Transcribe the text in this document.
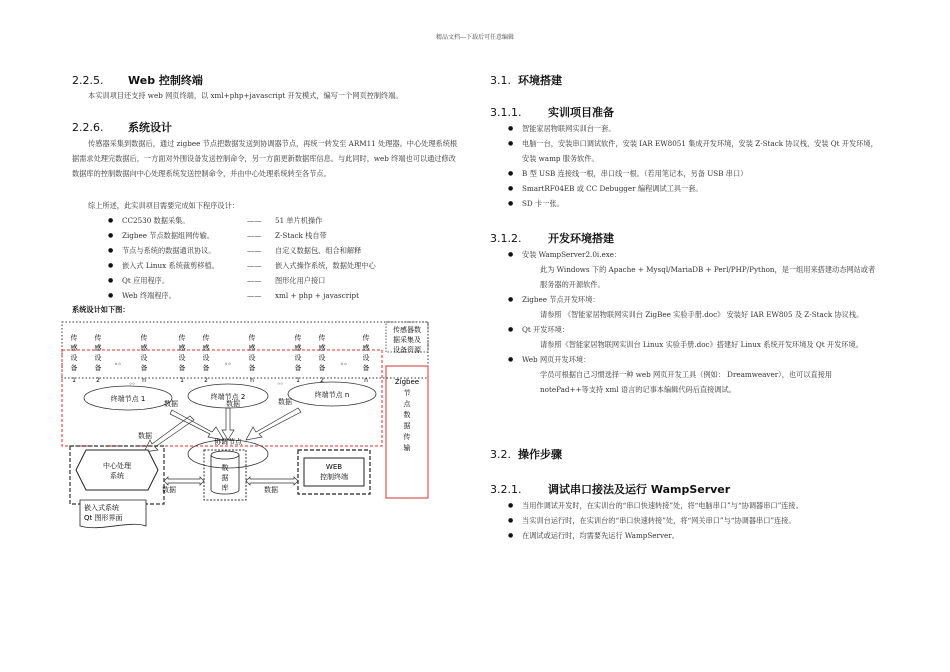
精品文档---下载后可任意编辑
2.2.5. Web 控制终端
本实训项目还支持 web 网页终端，以 xml+php+javascript 开发模式，编写一个网页控制终端。
2.2.6. 系统设计
传感器采集到数据后，通过 zigbee 节点把数据发送到协调器节点，再统一转发至 ARM11 处理器。中心处理系统根据需求处理完数据后，一方面对外围设备发送控制命令，另一方面更新数据库信息。与此同时，web 终端也可以通过修改数据库的控制数据向中心处理系统发送控制命令，并由中心处理系统转至各节点。
综上所述，此实训项目需要完成如下程序设计：
● CC2530 数据采集。	——	51 单片机操作
● Zigbee 节点数据组网传输。	——	Z-Stack 栈自带
● 节点与系统的数据通讯协议。	——	自定义数据包、组合和解释
● 嵌入式 Linux 系统裁剪移植。	——	嵌入式操作系统，数据处理中心
● Qt 应用程序。	——	图形化用户接口
● Web 终端程序。	——	xml + php + javascript
系统设计如下图：
传感器数
据采集及
设备资源
传
感
设
备
1
传
感
设
备
2
传
感
设
备
n
传
感
设
备
1
传
感
设
备
2
传
感
设
备
n
传
感
设
备
1
传
感
设
备
2
传
感
设
备
n
。。	。。	。。
。。	。。	Zigbee
节
点
数
据
传
输
终端节点 1	终端节点 2	终端节点 n
数据	数据	数据
数据
协调节点
中心处理
系统
数
据
库
WEB
控制终端
数据	数据
嵌入式系统
Qt 图形界面
3.1. 环境搭建
3.1.1. 实训项目准备
● 智能家居物联网实训台一套。
● 电脑一台，安装串口调试软件，安装 IAR EW8051 集成开发环境，安装 Z-Stack 协议栈，安装 Qt 开发环境，安装 wamp 服务软件。
● B 型 USB 连接线一根，串口线一根。（若用笔记本，另备 USB 串口）
● SmartRF04EB 或 CC Debugger 编程调试工具一套。
● SD 卡一张。
3.1.2. 开发环境搭建
● 安装 WampServer2.0i.exe：
此为 Windows 下的 Apache + Mysql/MariaDB + Perl/PHP/Python，是一组用来搭建动态网站或者服务器的开源软件。
● Zigbee 节点开发环境：
请参照 《智能家居物联网实训台 ZigBee 实验手册.doc》 安装好 IAR EW805 及 Z-Stack 协议栈。
● Qt 开发环境：
请参照《智能家居物联网实训台 Linux 实验手册.doc》搭建好 Linux 系统开发环境及 Qt 开发环境。
● Web 网页开发环境：
学员可根据自己习惯选择一种 web 网页开发工具（例如： Dreamweaver），也可以直接用 notePad++等支持 xml 语言的记事本编辑代码后直接调试。
3.2. 操作步骤
3.2.1. 调试串口接法及运行 WampServer
● 当用作调试开发时，在实训台的“串口快速转接”处，将“电脑串口”与“协调器串口”连接。
● 当实训台运行时，在实训台的“串口快速转接”处，将“网关串口”与“协调器串口”连接。
● 在调试或运行时，均需要先运行 WampServer。
